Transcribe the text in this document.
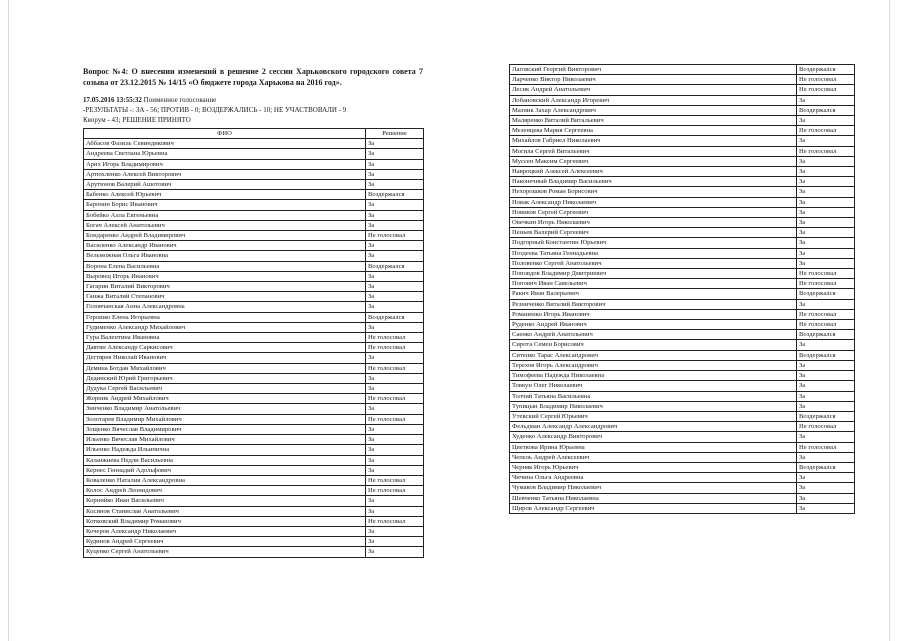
Вопрос №4: О внесении изменений в решение 2 сессии Харьковского городского совета 7 созыва от 23.12.2015 № 14/15 «О бюджете города Харькова на 2016 год».
17.05.2016 13:55:32 Поименное голосование
-РЕЗУЛЬТАТЫ -: ЗА - 56; ПРОТИВ - 0; ВОЗДЕРЖАЛИСЬ - 10; НЕ УЧАСТВОВАЛИ - 9
Кворум - 43; РЕШЕНИЕ ПРИНЯТО
ФИО	Решение
Аббасов Фазиль Севиндикович	За
Андреева Светлана Юрьевна	За
Арих Игорь Владимирович	За
Артюхленко Алексей Викторович	За
Арутюнов Валерий Ашотович	За
Бабенко Алексей Юрьевич	Воздержался
Баронин Борис Иванович	За
Бобейко Алла Евгеньевна	За
Богач Алексей Анатольевич	За
Бондаренко Андрей Владимирович	Не голосовал
Василенко Александр Иванович	За
Вельможная Ольга Ивановна	За
Ворона Елена Васильевна	Воздержался
Выровец Игорь Иванович	За
Гагарин Виталий Викторович	За
Ганжа Виталий Степанович	За
Головчанская Анна Александровна	За
Горошко Елена Игорьевна	Воздержался
Гудименко Александр Михайлович	За
Гура Валентина Ивановна	Не голосовал
Давтян Александр Саркисович	Не голосовал
Дегтярев Николай Иванович	За
Демина Богдан Михайлович	Не голосовал
Дединский Юрий Григорьевич	За
Дудука Сергей Васильевич	За
Жорник Андрей Михайлович	Не голосовал
Зинченко Владимир Анатольевич	За
Золотарев Владимир Михайлович	Не голосовал
Зощенко Вячеслав Владимирович	За
Ильенко Вячеслав Михайлович	За
Ильенко Надежда Ильинична	За
Казанжиева Недли Васильевна	За
Кернес Геннадий Адольфович	За
Коваленко Наталия Александровна	Не голосовал
Колос Андрей Леонидович	Не голосовал
Корнийко Иван Васильевич	За
Косинов Станислав Анатольевич	За
Котковский Владимир Романович	Не голосовал
Кочеров Александр Николаевич	За
Кудинов Андрей Сергеевич	За
Куценко Сергей Анатольевич	За
Лаговский Георгий Викторович	Воздержался
Ларченко Виктор Николаевич	Не голосовал
Лесик Андрей Анатольевич	Не голосовал
Лобановский Александр Игоревич	За
Мазник Захар Александрович	Воздержался
Маляренко Виталий Витальевич	За
Мезенцева Мария Сергеевна	Не голосовал
Михайлов Габриел Николаевич	За
Могила Сергей Витальевич	Не голосовал
Муссен Максим Сергеевич	За
Навроцкий Алексей Алексеевич	За
Наконечный Владимир Васильевич	За
Нехорошков Роман Борисович	За
Новак Александр Николаевич	За
Новиков Сергей Сергеевич	За
Овечкин Игорь Николаевич	За
Пеньев Валерий Сергеевич	За
Подгорный Константин Юрьевич	За
Поздеева Татьяна Геннадьевна	За
Половенко Сергей Анатольевич	За
Поповдов Владимир Дмитриевич	Не голосовал
Попович Иван Савельевич	Не голосовал
Ракич Иван Валерьевич	Воздержался
Резниченко Виталий Викторович	За
Романенко Игорь Иванович	Не голосовал
Руденко Андрей Иванович	Не голосовал
Саенко Андрей Анатольевич	Воздержался
Сирота Семен Борисович	За
Ситенко Тарас Александрович	Воздержался
Терехов Игорь Александрович	За
Тимофеева Надежда Николаевна	За
Товкун Олег Николаевич	За
Толчий Татьяна Васильевна	За
Тупицын Владимир Николаевич	За
Утевский Сергей Юрьевич	Воздержался
Фельдман Александр Александрович	Не голосовал
Худенко Александр Викторович	За
Цветкова Ирина Юрьевна	Не голосовал
Чепель Андрей Алексеевич	За
Черняк Игорь Юрьевич	Воздержался
Чичина Ольга Андреевна	За
Чумаков Владимир Николаевич	За
Шевченко Татьяна Николаевна	За
Щиров Александр Сергеевич	За
